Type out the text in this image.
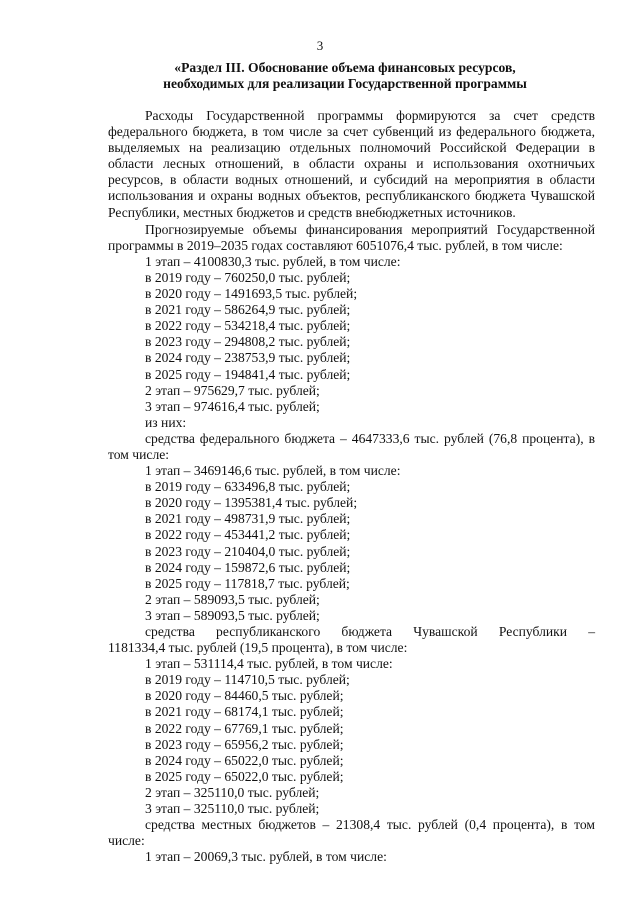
3
«Раздел III. Обоснование объема финансовых ресурсов,
необходимых для реализации Государственной программы

Расходы Государственной программы формируются за счет средств федерального бюджета, в том числе за счет субвенций из федерального бюджета, выделяемых на реализацию отдельных полномочий Российской Федерации в области лесных отношений, в области охраны и использования охотничьих ресурсов, в области водных отношений, и субсидий на мероприятия в области использования и охраны водных объектов, республиканского бюджета Чувашской Республики, местных бюджетов и средств внебюджетных источников.

Прогнозируемые объемы финансирования мероприятий Государственной программы в 2019–2035 годах составляют 6051076,4 тыс. рублей, в том числе:

1 этап – 4100830,3 тыс. рублей, в том числе:

в 2019 году – 760250,0 тыс. рублей;

в 2020 году – 1491693,5 тыс. рублей;

в 2021 году – 586264,9 тыс. рублей;

в 2022 году – 534218,4 тыс. рублей;

в 2023 году – 294808,2 тыс. рублей;

в 2024 году – 238753,9 тыс. рублей;

в 2025 году – 194841,4 тыс. рублей;

2 этап – 975629,7 тыс. рублей;

3 этап – 974616,4 тыс. рублей;

из них:

средства федерального бюджета – 4647333,6 тыс. рублей (76,8 процента), в том числе:

1 этап – 3469146,6 тыс. рублей, в том числе:

в 2019 году – 633496,8 тыс. рублей;

в 2020 году – 1395381,4 тыс. рублей;

в 2021 году – 498731,9 тыс. рублей;

в 2022 году – 453441,2 тыс. рублей;

в 2023 году – 210404,0 тыс. рублей;

в 2024 году – 159872,6 тыс. рублей;

в 2025 году – 117818,7 тыс. рублей;

2 этап – 589093,5 тыс. рублей;

3 этап – 589093,5 тыс. рублей;

средства республиканского бюджета Чувашской Республики –

1181334,4 тыс. рублей (19,5 процента), в том числе:

1 этап – 531114,4 тыс. рублей, в том числе:

в 2019 году – 114710,5 тыс. рублей;

в 2020 году – 84460,5 тыс. рублей;

в 2021 году – 68174,1 тыс. рублей;

в 2022 году – 67769,1 тыс. рублей;

в 2023 году – 65956,2 тыс. рублей;

в 2024 году – 65022,0 тыс. рублей;

в 2025 году – 65022,0 тыс. рублей;

2 этап – 325110,0 тыс. рублей;

3 этап – 325110,0 тыс. рублей;

средства местных бюджетов – 21308,4 тыс. рублей (0,4 процента), в том числе:

1 этап – 20069,3 тыс. рублей, в том числе:
